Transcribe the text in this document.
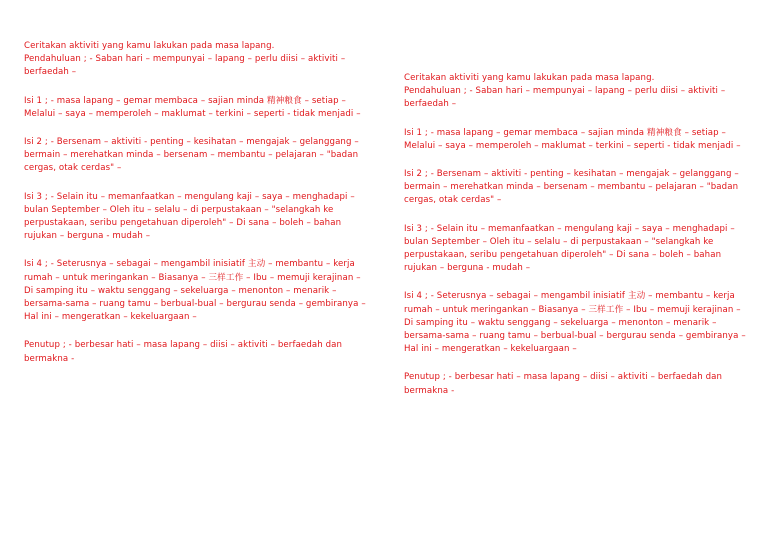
Ceritakan aktiviti yang kamu lakukan pada masa lapang.

Pendahuluan ; - Saban hari – mempunyai – lapang – perlu diisi – aktiviti – berfaedah –

Isi 1 ; - masa lapang – gemar membaca – sajian minda 精神粮食 – setiap – Melalui – saya – memperoleh – maklumat – terkini – seperti - tidak menjadi –

Isi 2 ; - Bersenam – aktiviti - penting – kesihatan – mengajak – gelanggang – bermain – merehatkan minda – bersenam – membantu – pelajaran – "badan cergas, otak cerdas" –

Isi 3 ; - Selain itu – memanfaatkan – mengulang kaji – saya – menghadapi – bulan September – Oleh itu – selalu – di perpustakaan – "selangkah ke perpustakaan, seribu pengetahuan diperoleh" – Di sana – boleh – bahan rujukan – berguna - mudah –

Isi 4 ; - Seterusnya – sebagai – mengambil inisiatif 主动 – membantu – kerja rumah – untuk meringankan – Biasanya – 三样工作 – Ibu – memuji kerajinan – Di samping itu – waktu senggang – sekeluarga – menonton – menarik – bersama-sama – ruang tamu – berbual-bual – bergurau senda – gembiranya – Hal ini – mengeratkan – kekeluargaan –

Penutup ; - berbesar hati – masa lapang – diisi – aktiviti – berfaedah dan bermakna -

Ceritakan aktiviti yang kamu lakukan pada masa lapang.

Pendahuluan ; - Saban hari – mempunyai – lapang – perlu diisi – aktiviti – berfaedah –

Isi 1 ; - masa lapang – gemar membaca – sajian minda 精神粮食 – setiap – Melalui – saya – memperoleh – maklumat – terkini – seperti - tidak menjadi –

Isi 2 ; - Bersenam – aktiviti - penting – kesihatan – mengajak – gelanggang – bermain – merehatkan minda – bersenam – membantu – pelajaran – "badan cergas, otak cerdas" –

Isi 3 ; - Selain itu – memanfaatkan – mengulang kaji – saya – menghadapi – bulan September – Oleh itu – selalu – di perpustakaan – "selangkah ke perpustakaan, seribu pengetahuan diperoleh" – Di sana – boleh – bahan rujukan – berguna - mudah –

Isi 4 ; - Seterusnya – sebagai – mengambil inisiatif 主动 – membantu – kerja rumah – untuk meringankan – Biasanya – 三样工作 – Ibu – memuji kerajinan – Di samping itu – waktu senggang – sekeluarga – menonton – menarik – bersama-sama – ruang tamu – berbual-bual – bergurau senda – gembiranya – Hal ini – mengeratkan – kekeluargaan –

Penutup ; - berbesar hati – masa lapang – diisi – aktiviti – berfaedah dan bermakna -
